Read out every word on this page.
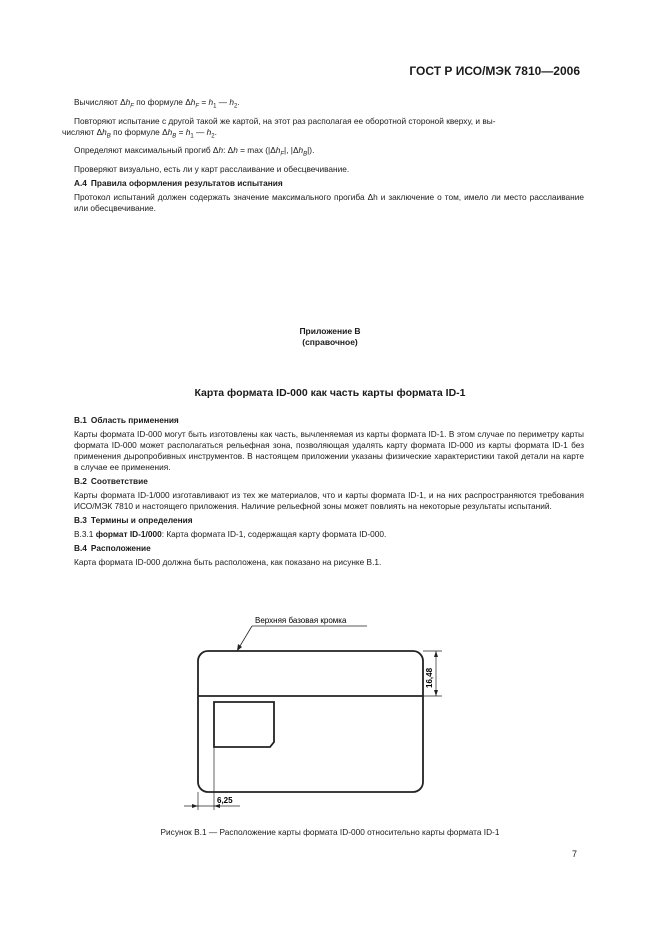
ГОСТ Р ИСО/МЭК 7810—2006

Вычисляют $\Delta h_F$ по формуле $\Delta h_F = h_1$ — $h_2$.

Повторяют испытание с другой такой же картой, на этот раз располагая ее оборотной стороной кверху, и вы-

числяют $\Delta h_B$ по формуле $\Delta h_B = h_1$ — $h_2$.

Определяют максимальный прогиб Δh: $\Delta h = \max (|\Delta h_F|$, $|\Delta h_B|$).

Проверяют визуально, есть ли у карт расслаивание и обесцвечивание.

А.4 Правила оформления результатов испытания

Протокол испытаний должен содержать значение максимального прогиба Δh и заключение о том, имело ли место расслаивание или обесцвечивание.

Приложение В
(справочное)
Карта формата ID-000 как часть карты формата ID-1

В.1 Область применения

Карты формата ID-000 могут быть изготовлены как часть, вычленяемая из карты формата ID-1. В этом случае по периметру карты формата ID-000 может располагаться рельефная зона, позволяющая удалять карту формата ID-000 из карты формата ID-1 без применения дыропробивных инструментов. В настоящем приложении указаны физические характеристики такой детали на карте в случае ее применения.

В.2 Соответствие

Карты формата ID-1/000 изготавливают из тех же материалов, что и карты формата ID-1, и на них распространяются требования ИСО/МЭК 7810 и настоящего приложения. Наличие рельефной зоны может повлиять на некоторые результаты испытаний.

В.3 Термины и определения

В.3.1 формат ID-1/000: Карта формата ID-1, содержащая карту формата ID-000.

В.4 Расположение

Карта формата ID-000 должна быть расположена, как показано на рисунке В.1.

Верхняя базовая кромка
16,48
6,25
Рисунок В.1 — Расположение карты формата ID-000 относительно карты формата ID-1
7
